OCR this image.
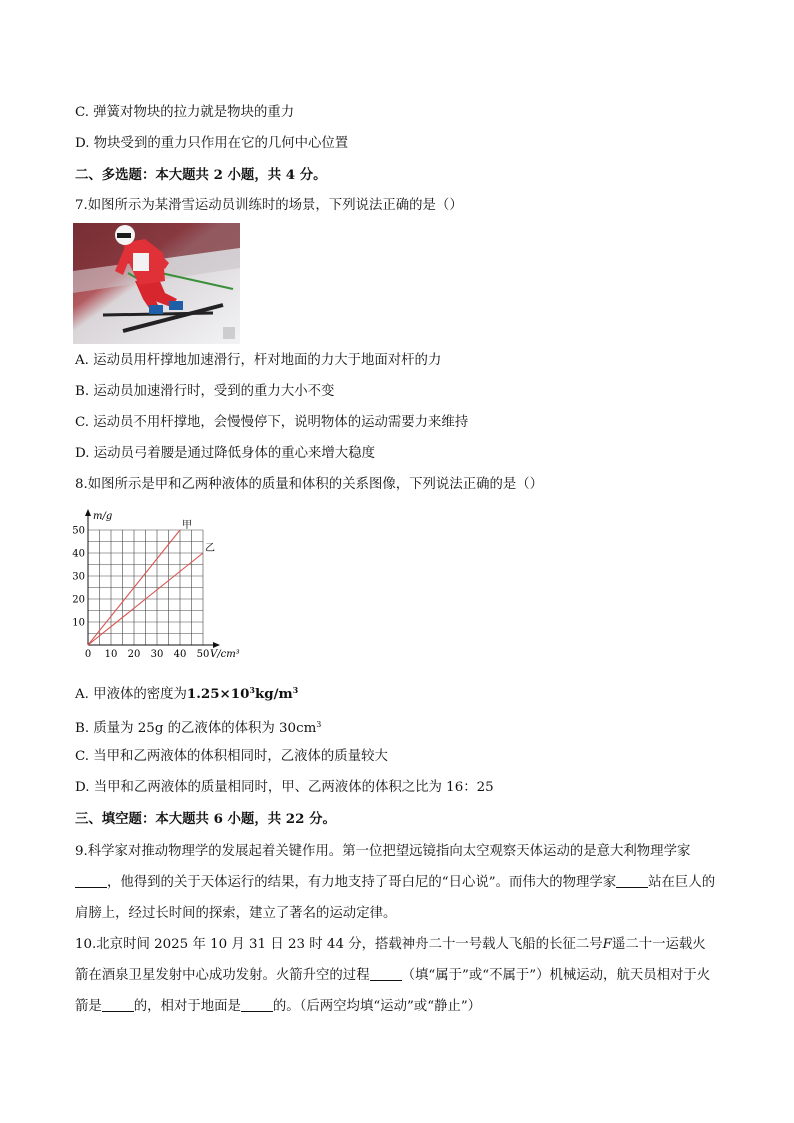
C. 弹簧对物块的拉力就是物块的重力
D. 物块受到的重力只作用在它的几何中心位置
二、多选题：本大题共 2 小题，共 4 分。
7.如图所示为某滑雪运动员训练时的场景，下列说法正确的是（）
A. 运动员用杆撑地加速滑行，杆对地面的力大于地面对杆的力
B. 运动员加速滑行时，受到的重力大小不变
C. 运动员不用杆撑地，会慢慢停下，说明物体的运动需要力来维持
D. 运动员弓着腰是通过降低身体的重心来增大稳度
8.如图所示是甲和乙两种液体的质量和体积的关系图像，下列说法正确的是（）
0 10 20 30 40 50
10
20
30
40
50
m/g
V/cm³
甲
乙
A. 甲液体的密度为$1.25\times 10^3kg/m^3$
B. 质量为 25g 的乙液体的体积为 $30cm^3$
C. 当甲和乙两液体的体积相同时，乙液体的质量较大
D. 当甲和乙两液体的质量相同时，甲、乙两液体的体积之比为 16：25
三、填空题：本大题共 6 小题，共 22 分。
9.科学家对推动物理学的发展起着关键作用。第一位把望远镜指向太空观察天体运动的是意大利物理学家，他得到的关于天体运行的结果，有力地支持了哥白尼的“日心说”。而伟大的物理学家 站在巨人的肩膀上，经过长时间的探索，建立了著名的运动定律。
10.北京时间 2025 年 10 月 31 日 23 时 44 分，搭载神舟二十一号载人飞船的长征二号F遥二十一运载火箭在酒泉卫星发射中心成功发射。火箭升空的过程 （填“属于”或“不属于”）机械运动，航天员相对于火箭是 的，相对于地面是 的。（后两空均填“运动”或“静止”）
